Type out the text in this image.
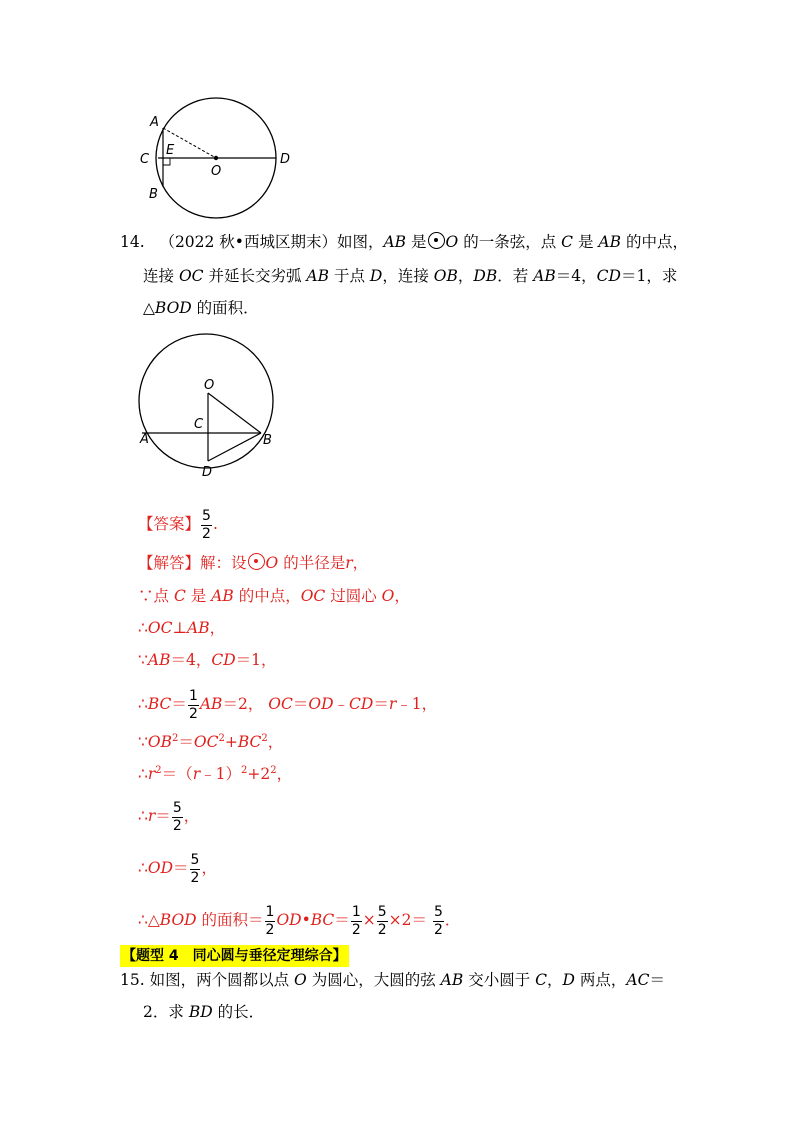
A
C
E
B
O
D
14. （2022 秋•西城区期末）如图，AB 是 O 的一条弦，点 C 是 AB 的中点，
连接 OC 并延长交劣弧 AB 于点 D，连接 OB，DB．若 AB＝4，CD＝1，求
△BOD 的面积．
O
C
A	B
D
【答案】 $\frac{5}{2}$ .
【解答】解：设 O 的半径是r，
∵点 C 是 AB 的中点，OC 过圆心 O，
∴OC⊥AB，
∵AB＝4，CD＝1，
∴BC＝ $\frac{1}{2} AB=2$， OC＝OD﹣CD＝r﹣1，
$\because OB^2=OC^2+BC^2$，
$\therefore r^2=(r﹣1)^2+2^2$，
∴r＝ $\frac{5}{2}$ ，
∴OD＝ $\frac{5}{2}$ ，
∴△BOD 的面积＝ $\frac{1}{2}$ OD•BC＝ $\frac{1}{2} \times \frac{5}{2} \times 2= \frac{5}{2}$ ．
【题型 4　同心圆与垂径定理综合】
15. 如图，两个圆都以点 O 为圆心，大圆的弦 AB 交小圆于 C，D 两点，AC＝
2．求 BD 的长．
